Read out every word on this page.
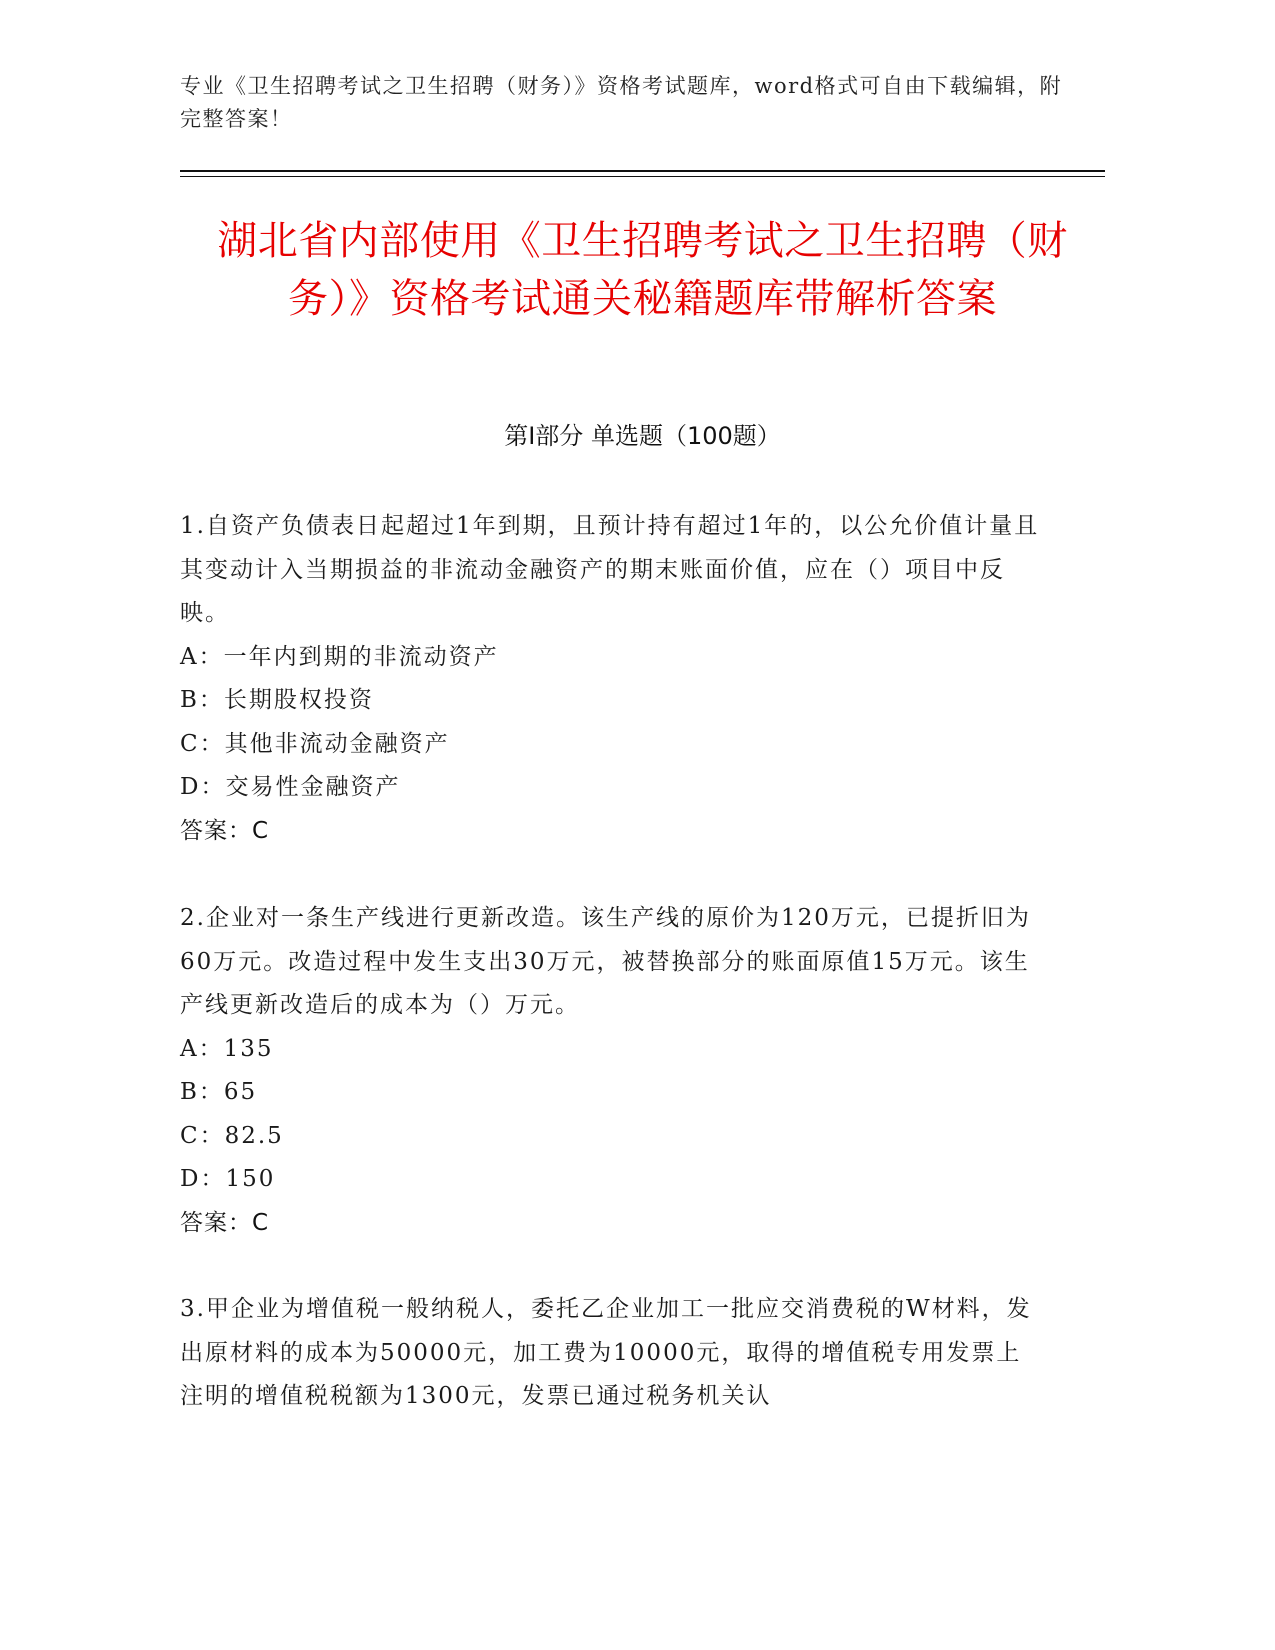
专业《卫生招聘考试之卫生招聘（财务）》资格考试题库，word格式可自由下载编辑，附完整答案！
湖北省内部使用《卫生招聘考试之卫生招聘（财务）》资格考试通关秘籍题库带解析答案
第I部分 单选题（100题）

1.自资产负债表日起超过1年到期，且预计持有超过1年的，以公允价值计量且其变动计入当期损益的非流动金融资产的期末账面价值，应在（）项目中反映。

A：一年内到期的非流动资产

B：长期股权投资

C：其他非流动金融资产

D：交易性金融资产

答案：C

2.企业对一条生产线进行更新改造。该生产线的原价为120万元，已提折旧为60万元。改造过程中发生支出30万元，被替换部分的账面原值15万元。该生产线更新改造后的成本为（）万元。

A：135

B：65

C：82.5

D：150

答案：C

3.甲企业为增值税一般纳税人，委托乙企业加工一批应交消费税的W材料，发出原材料的成本为50000元，加工费为10000元，取得的增值税专用发票上注明的增值税税额为1300元，发票已通过税务机关认
